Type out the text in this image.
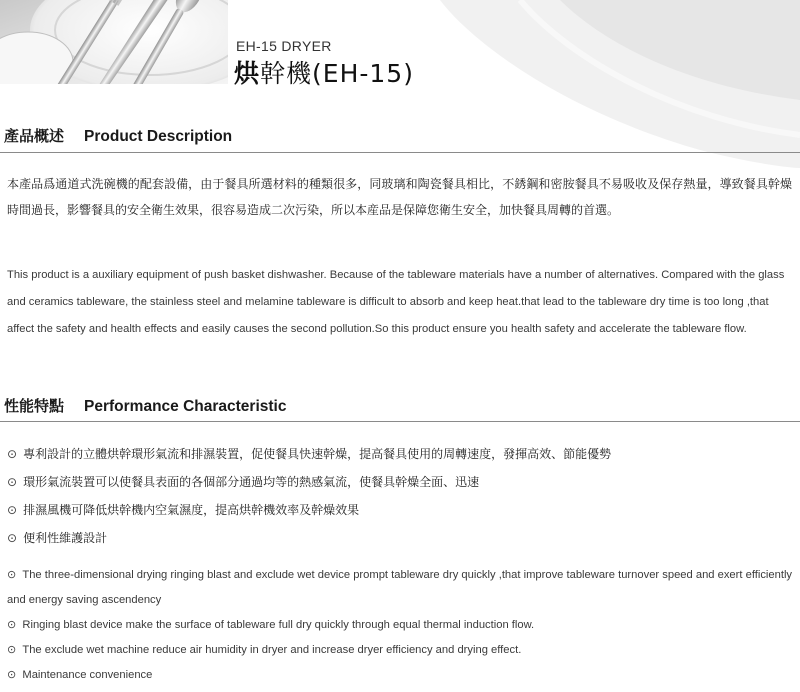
EH-15 DRYER
烘幹機(EH-15)
產品概述 Product Description

本產品爲通道式洗碗機的配套設備，由于餐具所選材料的種類很多，同玻璃和陶瓷餐具相比，不銹鋼和密胺餐具不易吸收及保存熱量，導致餐具幹燥時間過長，影響餐具的安全衛生效果，很容易造成二次污染，所以本産品是保障您衛生安全，加快餐具周轉的首選。

This product is a auxiliary equipment of push basket dishwasher. Because of the tableware materials have a number of alternatives. Compared with the glass and ceramics tableware, the stainless steel and melamine tableware is difficult to absorb and keep heat.that lead to the tableware dry time is too long ,that affect the safety and health effects and easily causes the second pollution.So this product ensure you health safety and accelerate the tableware flow.

性能特點 Performance Characteristic
⊙ 專利設計的立體烘幹環形氣流和排濕裝置，促使餐具快速幹燥，提高餐具使用的周轉速度，發揮高效、節能優勢
⊙ 環形氣流裝置可以使餐具表面的各個部分通過均等的熱感氣流，使餐具幹燥全面、迅速
⊙ 排濕風機可降低烘幹機内空氣濕度，提高烘幹機效率及幹燥效果
⊙ 便利性維護設計
⊙ The three-dimensional drying ringing blast and exclude wet device prompt tableware dry quickly ,that improve tableware turnover speed and exert efficiently and energy saving ascendency
⊙ Ringing blast device make the surface of tableware full dry quickly through equal thermal induction flow.
⊙ The exclude wet machine reduce air humidity in dryer and increase dryer efficiency and drying effect.
⊙ Maintenance convenience
